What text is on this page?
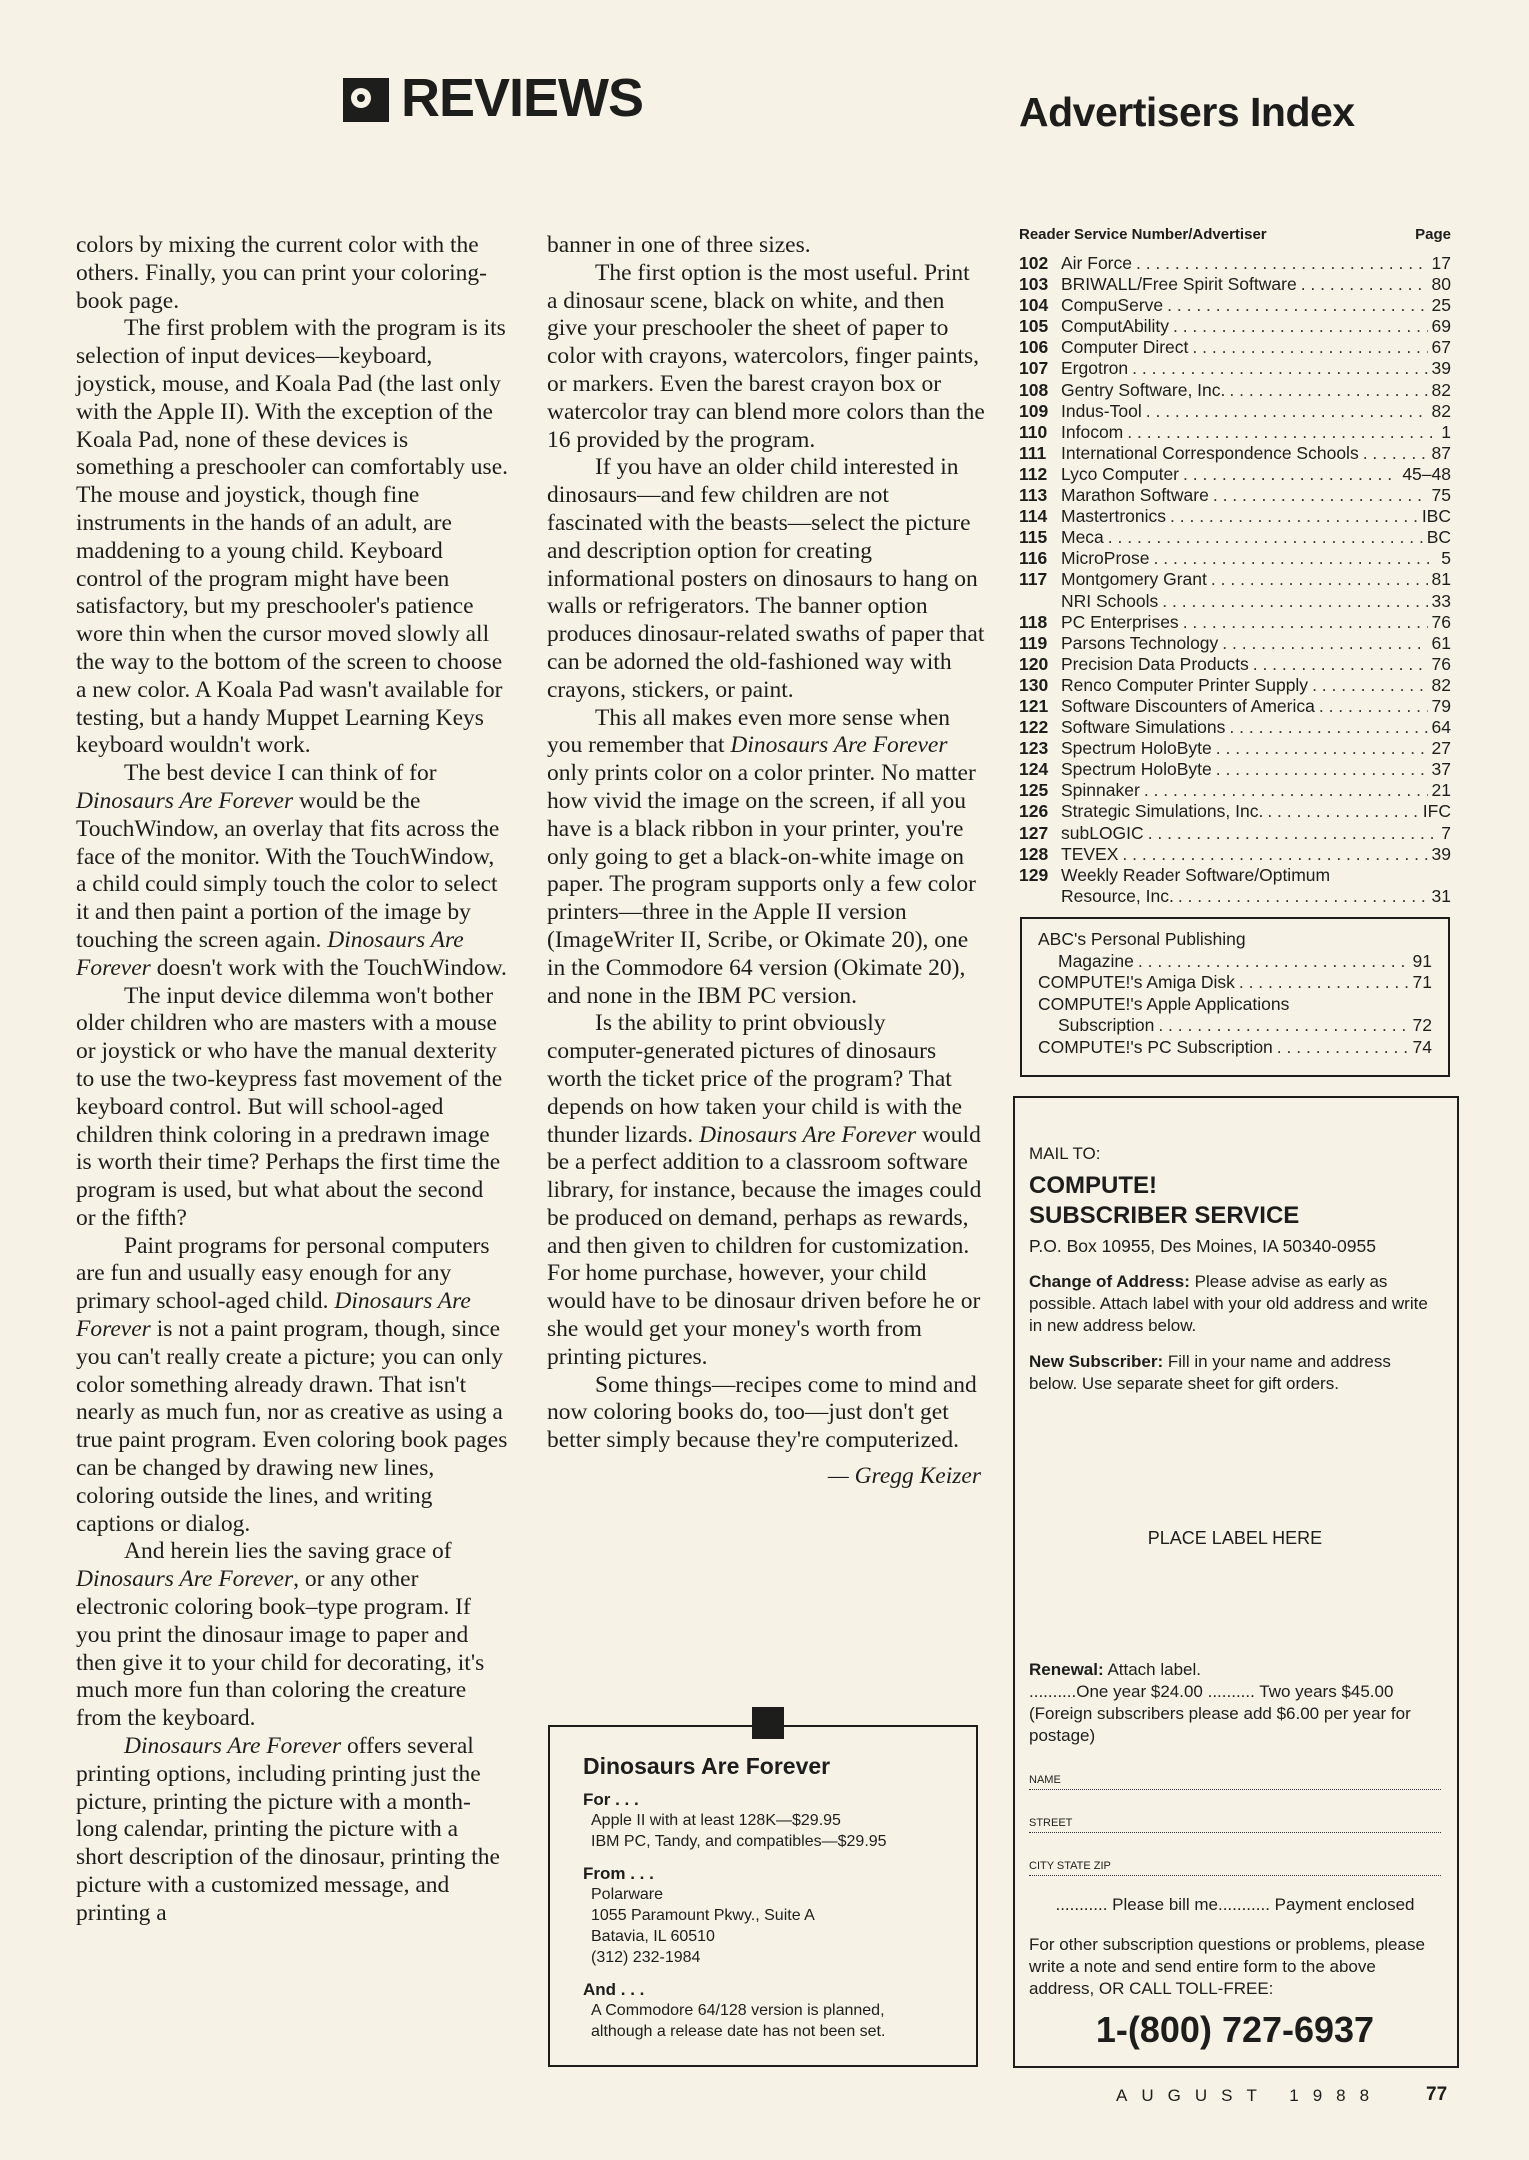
REVIEWS	Advertisers Index

colors by mixing the current color with the others. Finally, you can print your coloring-book page.

The first problem with the program is its selection of input devices—keyboard, joystick, mouse, and Koala Pad (the last only with the Apple II). With the exception of the Koala Pad, none of these devices is something a preschooler can comfortably use. The mouse and joystick, though fine instruments in the hands of an adult, are maddening to a young child. Keyboard control of the program might have been satisfactory, but my preschooler's patience wore thin when the cursor moved slowly all the way to the bottom of the screen to choose a new color. A Koala Pad wasn't available for testing, but a handy Muppet Learning Keys keyboard wouldn't work.

The best device I can think of for Dinosaurs Are Forever would be the TouchWindow, an overlay that fits across the face of the monitor. With the TouchWindow, a child could simply touch the color to select it and then paint a portion of the image by touching the screen again. Dinosaurs Are Forever doesn't work with the TouchWindow.

The input device dilemma won't bother older children who are masters with a mouse or joystick or who have the manual dexterity to use the two-keypress fast movement of the keyboard control. But will school-aged children think coloring in a predrawn image is worth their time? Perhaps the first time the program is used, but what about the second or the fifth?

Paint programs for personal computers are fun and usually easy enough for any primary school-aged child. Dinosaurs Are Forever is not a paint program, though, since you can't really create a picture; you can only color something already drawn. That isn't nearly as much fun, nor as creative as using a true paint program. Even coloring book pages can be changed by drawing new lines, coloring outside the lines, and writing captions or dialog.

And herein lies the saving grace of Dinosaurs Are Forever, or any other electronic coloring book–type program. If you print the dinosaur image to paper and then give it to your child for decorating, it's much more fun than coloring the creature from the keyboard.

Dinosaurs Are Forever offers several printing options, including printing just the picture, printing the picture with a month-long calendar, printing the picture with a short description of the dinosaur, printing the picture with a customized message, and printing a

banner in one of three sizes.

The first option is the most useful. Print a dinosaur scene, black on white, and then give your preschooler the sheet of paper to color with crayons, watercolors, finger paints, or markers. Even the barest crayon box or watercolor tray can blend more colors than the 16 provided by the program.

If you have an older child interested in dinosaurs—and few children are not fascinated with the beasts—select the picture and description option for creating informational posters on dinosaurs to hang on walls or refrigerators. The banner option produces dinosaur-related swaths of paper that can be adorned the old-fashioned way with crayons, stickers, or paint.

This all makes even more sense when you remember that Dinosaurs Are Forever only prints color on a color printer. No matter how vivid the image on the screen, if all you have is a black ribbon in your printer, you're only going to get a black-on-white image on paper. The program supports only a few color printers—three in the Apple II version (ImageWriter II, Scribe, or Okimate 20), one in the Commodore 64 version (Okimate 20), and none in the IBM PC version.

Is the ability to print obviously computer-generated pictures of dinosaurs worth the ticket price of the program? That depends on how taken your child is with the thunder lizards. Dinosaurs Are Forever would be a perfect addition to a classroom software library, for instance, because the images could be produced on demand, perhaps as rewards, and then given to children for customization. For home purchase, however, your child would have to be dinosaur driven before he or she would get your money's worth from printing pictures.

Some things—recipes come to mind and now coloring books do, too—just don't get better simply because they're computerized.

— Gregg Keizer
Dinosaurs Are Forever
For . . .
Apple II with at least 128K—$29.95
IBM PC, Tandy, and compatibles—$29.95
From . . .
Polarware
1055 Paramount Pkwy., Suite A
Batavia, IL 60510
(312) 232-1984
And . . .
A Commodore 64/128 version is planned,
although a release date has not been set.
Reader Service Number/Advertiser	Page
102 Air Force . . .	17
103 BRIWALL/Free Spirit Software . . .	80
104 CompuServe . . .	25
105 ComputAbility . . .	69
106 Computer Direct . . .	67
107 Ergotron . . .	39
108 Gentry Software, Inc. . . .	82
109 Indus-Tool . . .	82
110 Infocom . . .	1
111 International Correspondence Schools . . .	87
112 Lyco Computer . . .	45–48
113 Marathon Software . . .	75
114 Mastertronics . . .	IBC
115 Meca . . .	BC
116 MicroProse . . .	5
117 Montgomery Grant . . .	81
NRI Schools . . .	33
118 PC Enterprises . . .	76
119 Parsons Technology . . .	61
120 Precision Data Products . . .	76
130 Renco Computer Printer Supply . . .	82
121 Software Discounters of America . . .	79
122 Software Simulations . . .	64
123 Spectrum HoloByte . . .	27
124 Spectrum HoloByte . . .	37
125 Spinnaker . . .	21
126 Strategic Simulations, Inc. . . .	IFC
127 subLOGIC . . .	7
128 TEVEX . . .	39
129 Weekly Reader Software/Optimum
Resource, Inc. . . .	31
ABC's Personal Publishing
Magazine . . .	91
COMPUTE!'s Amiga Disk . . .	71
COMPUTE!'s Apple Applications
Subscription . . .	72
COMPUTE!'s PC Subscription . . .	74
MAIL TO:
COMPUTE!
SUBSCRIBER SERVICE
P.O. Box 10955, Des Moines, IA 50340-0955
Change of Address: Please advise as early as possible. Attach label with your old address and write in new address below.
New Subscriber: Fill in your name and address below. Use separate sheet for gift orders.
PLACE LABEL HERE
Renewal: Attach label.
..........One year $24.00 .......... Two years $45.00
(Foreign subscribers please add $6.00 per year for postage)
NAME
STREET
CITY STATE ZIP
........... Please bill me........... Payment enclosed
For other subscription questions or problems, please write a note and send entire form to the above address, OR CALL TOLL-FREE:
1-(800) 727-6937
AUGUST 1988 77
